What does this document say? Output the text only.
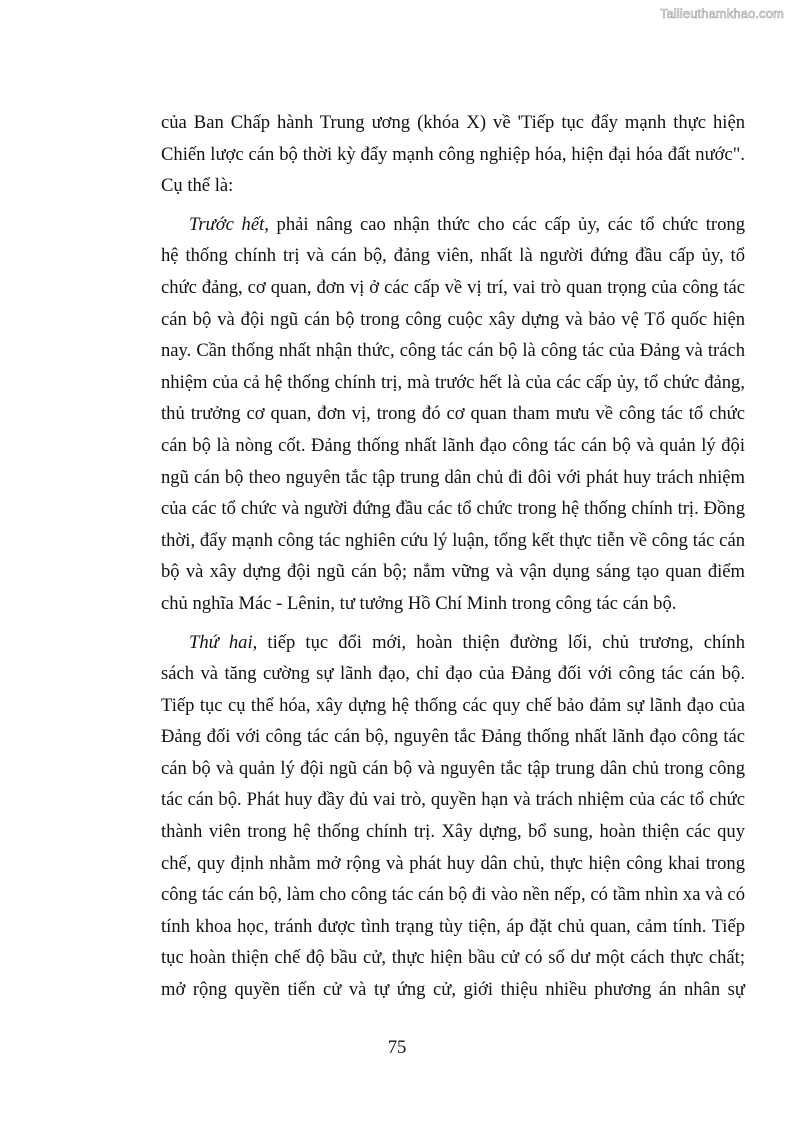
Tailieuthamkhao.com
của Ban Chấp hành Trung ương (khóa X) về 'Tiếp tục đẩy mạnh thực hiện
Chiến lược cán bộ thời kỳ đẩy mạnh công nghiệp hóa, hiện đại hóa đất nước".
Cụ thể là:
Trước hết, phải nâng cao nhận thức cho các cấp ủy, các tổ chức trong
hệ thống chính trị và cán bộ, đảng viên, nhất là người đứng đầu cấp ủy, tổ
chức đảng, cơ quan, đơn vị ở các cấp về vị trí, vai trò quan trọng của công tác
cán bộ và đội ngũ cán bộ trong công cuộc xây dựng và bảo vệ Tổ quốc hiện
nay. Cần thống nhất nhận thức, công tác cán bộ là công tác của Đảng và trách
nhiệm của cả hệ thống chính trị, mà trước hết là của các cấp ủy, tổ chức đảng,
thủ trưởng cơ quan, đơn vị, trong đó cơ quan tham mưu về công tác tổ chức
cán bộ là nòng cốt. Đảng thống nhất lãnh đạo công tác cán bộ và quản lý đội
ngũ cán bộ theo nguyên tắc tập trung dân chủ đi đôi với phát huy trách nhiệm
của các tổ chức và người đứng đầu các tổ chức trong hệ thống chính trị. Đồng
thời, đẩy mạnh công tác nghiên cứu lý luận, tổng kết thực tiễn về công tác cán
bộ và xây dựng đội ngũ cán bộ; nắm vững và vận dụng sáng tạo quan điểm
chủ nghĩa Mác - Lênin, tư tưởng Hồ Chí Minh trong công tác cán bộ.
Thứ hai, tiếp tục đổi mới, hoàn thiện đường lối, chủ trương, chính
sách và tăng cường sự lãnh đạo, chỉ đạo của Đảng đối với công tác cán bộ.
Tiếp tục cụ thể hóa, xây dựng hệ thống các quy chế bảo đảm sự lãnh đạo của
Đảng đối với công tác cán bộ, nguyên tắc Đảng thống nhất lãnh đạo công tác
cán bộ và quản lý đội ngũ cán bộ và nguyên tắc tập trung dân chủ trong công
tác cán bộ. Phát huy đầy đủ vai trò, quyền hạn và trách nhiệm của các tổ chức
thành viên trong hệ thống chính trị. Xây dựng, bổ sung, hoàn thiện các quy
chế, quy định nhằm mở rộng và phát huy dân chủ, thực hiện công khai trong
công tác cán bộ, làm cho công tác cán bộ đi vào nền nếp, có tầm nhìn xa và có
tính khoa học, tránh được tình trạng tùy tiện, áp đặt chủ quan, cảm tính. Tiếp
tục hoàn thiện chế độ bầu cử, thực hiện bầu cử có số dư một cách thực chất;
mở rộng quyền tiến cử và tự ứng cử, giới thiệu nhiều phương án nhân sự
75
